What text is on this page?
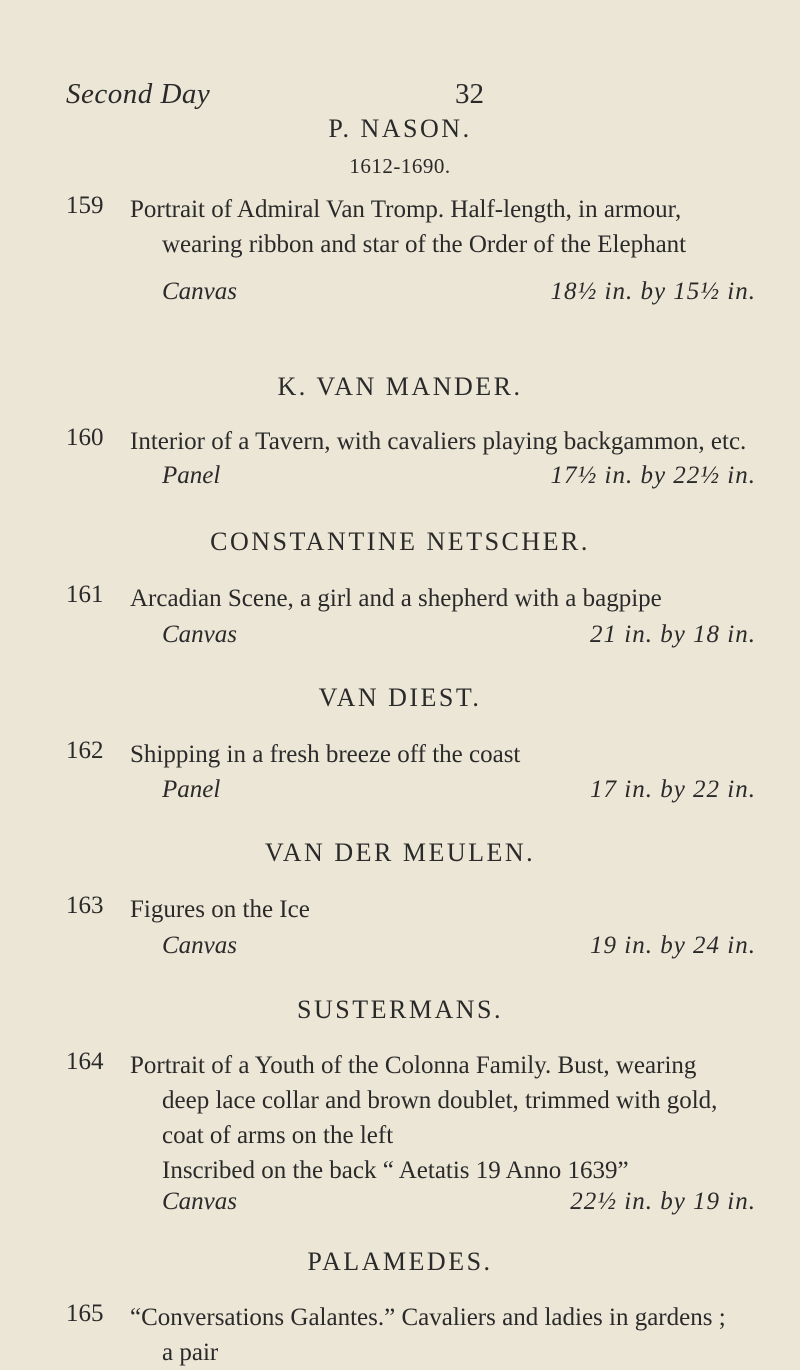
Second Day	32
P. NASON.
1612-1690.
159 Portrait of Admiral Van Tromp. Half-length, in armour,
wearing ribbon and star of the Order of the Elephant
Canvas	18½ in. by 15½ in.
K. VAN MANDER.
160 Interior of a Tavern, with cavaliers playing backgammon, etc.
Panel	17½ in. by 22½ in.
CONSTANTINE NETSCHER.
161 Arcadian Scene, a girl and a shepherd with a bagpipe
Canvas	21 in. by 18 in.
VAN DIEST.
162 Shipping in a fresh breeze off the coast
Panel	17 in. by 22 in.
VAN DER MEULEN.
163 Figures on the Ice
Canvas	19 in. by 24 in.
SUSTERMANS.
164 Portrait of a Youth of the Colonna Family. Bust, wearing
deep lace collar and brown doublet, trimmed with gold,
coat of arms on the left
Inscribed on the back “ Aetatis 19 Anno 1639”
Canvas	22½ in. by 19 in.
PALAMEDES.
165 “Conversations Galantes.” Cavaliers and ladies in gardens ;
a pair
